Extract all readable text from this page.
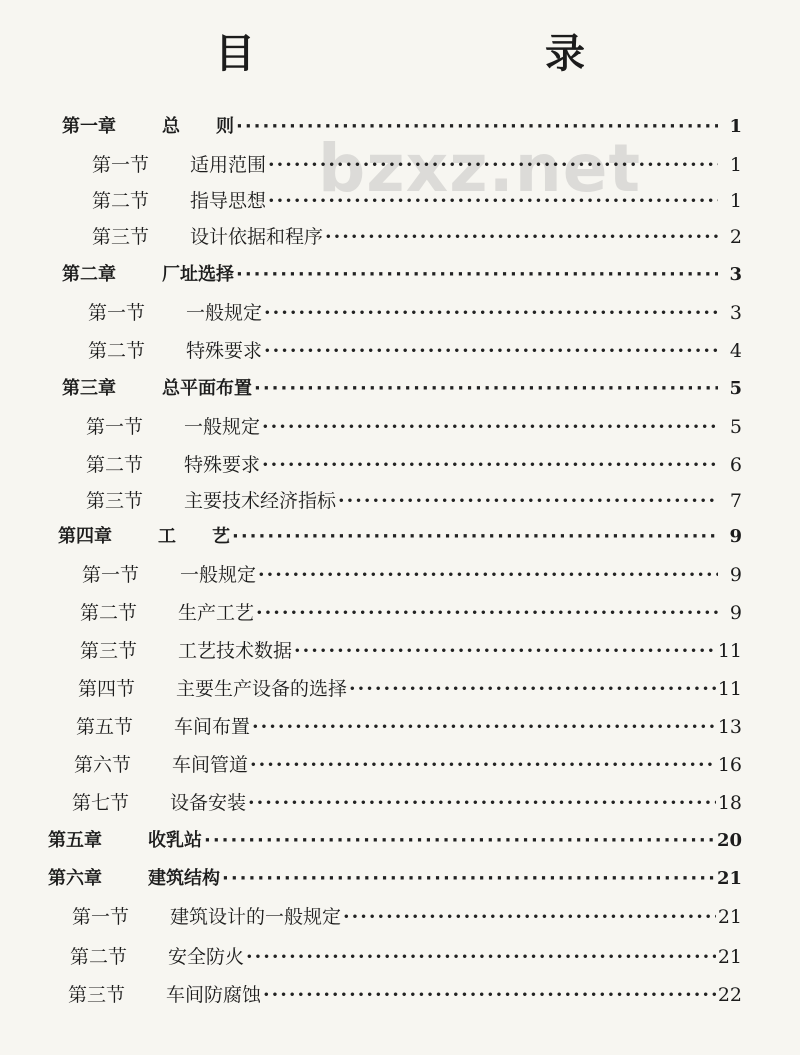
目　　录
bzxz.net
第一章	总　　则 ·····	1
第一节	适用范围 ·····	1
第二节	指导思想 ·····	1
第三节	设计依据和程序 ·····	2
第二章	厂址选择 ·····	3
第一节	一般规定 ·····	3
第二节	特殊要求 ·····	4
第三章	总平面布置 ·····	5
第一节	一般规定 ·····	5
第二节	特殊要求 ·····	6
第三节	主要技术经济指标 ·····	7
第四章	工　　艺 ·····	9
第一节	一般规定 ·····	9
第二节	生产工艺 ·····	9
第三节	工艺技术数据 ·····	11
第四节	主要生产设备的选择 ·····	11
第五节	车间布置 ·····	13
第六节	车间管道 ·····	16
第七节	设备安装 ·····	18
第五章	收乳站 ·····	20
第六章	建筑结构 ·····	21
第一节	建筑设计的一般规定 ·····	21
第二节	安全防火 ·····	21
第三节	车间防腐蚀 ·····	22
